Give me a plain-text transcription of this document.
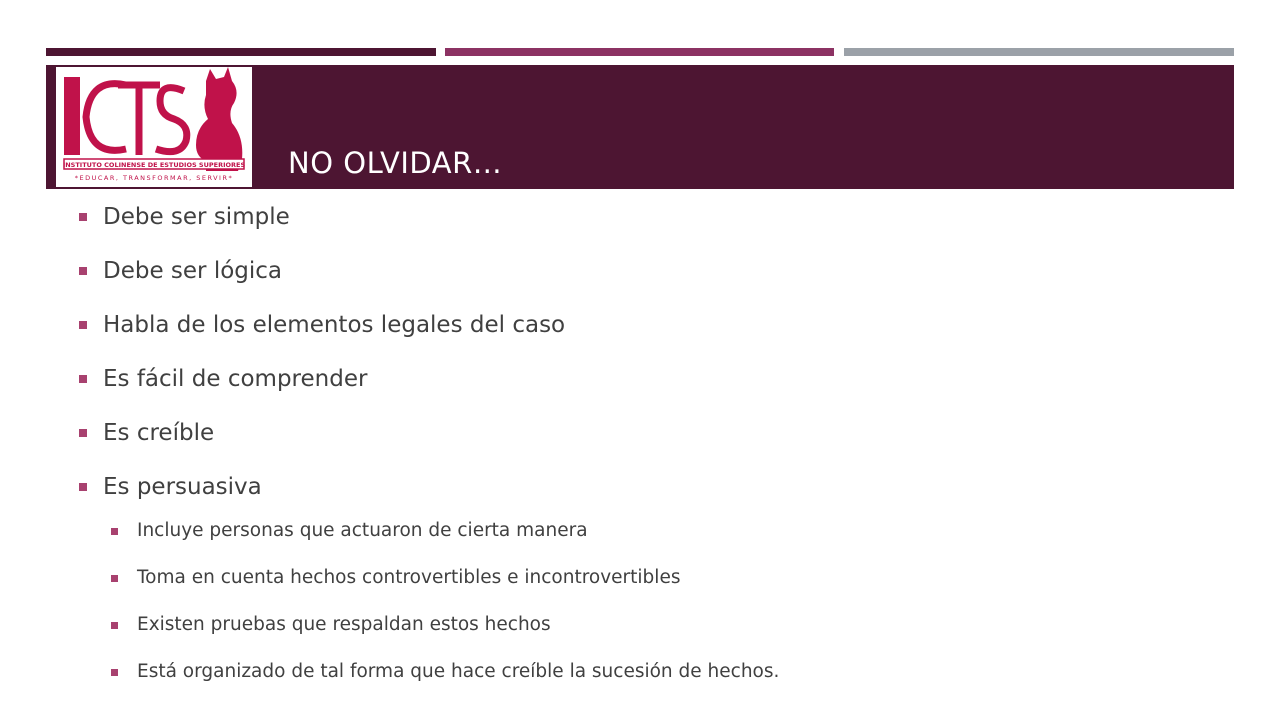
INSTITUTO COLINENSE DE ESTUDIOS SUPERIORES
*EDUCAR, TRANSFORMAR, SERVIR* NO OLVIDAR…
Debe ser simple
Debe ser lógica
Habla de los elementos legales del caso
Es fácil de comprender
Es creíble
Es persuasiva
Incluye personas que actuaron de cierta manera
Toma en cuenta hechos controvertibles e incontrovertibles
Existen pruebas que respaldan estos hechos
Está organizado de tal forma que hace creíble la sucesión de hechos.
